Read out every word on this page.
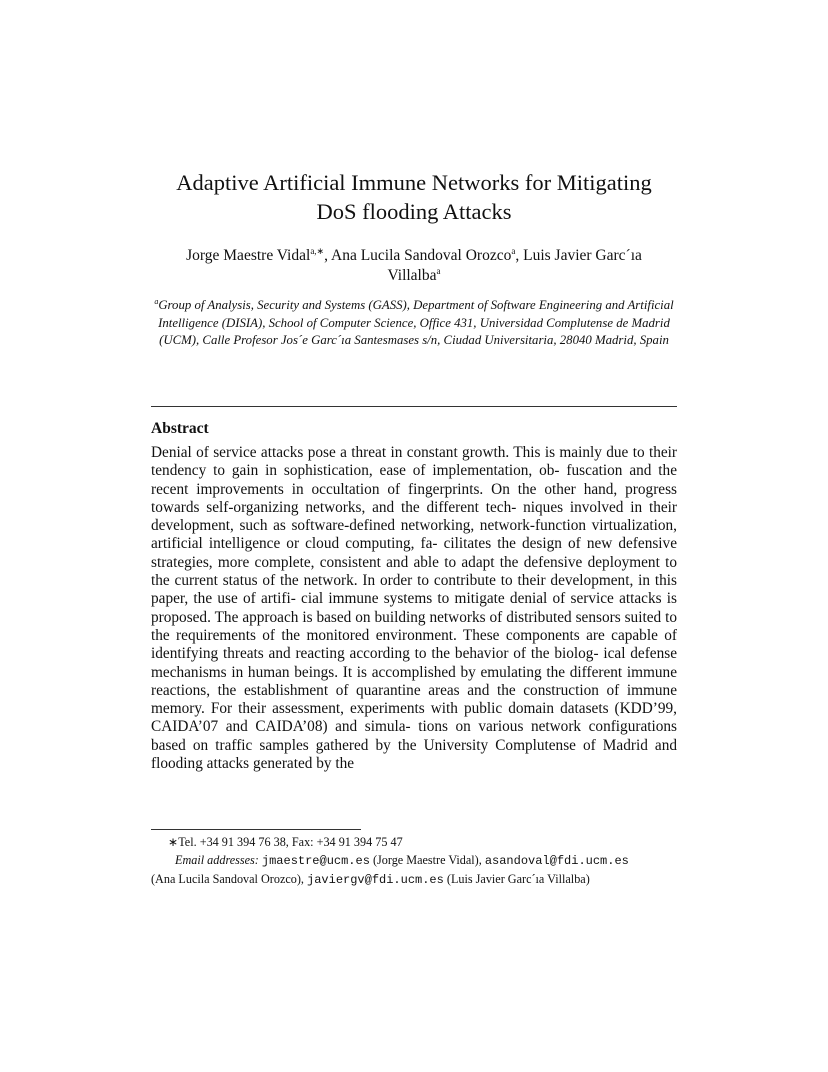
Adaptive Artificial Immune Networks for Mitigating
DoS flooding Attacks
Jorge Maestre Vidal$^{a,∗}$, Ana Lucila Sandoval Orozco$^a$, Luis Javier Garc´ıa
Villalba$^a$
$^a$Group of Analysis, Security and Systems (GASS), Department of Software Engineering and Artificial Intelligence (DISIA), School of Computer Science, Office 431, Universidad Complutense de Madrid (UCM), Calle Profesor Jos´e Garc´ıa Santesmases s/n, Ciudad Universitaria, 28040 Madrid, Spain
Abstract
Denial of service attacks pose a threat in constant growth. This is mainly due to their tendency to gain in sophistication, ease of implementation, ob- fuscation and the recent improvements in occultation of fingerprints. On the other hand, progress towards self-organizing networks, and the different tech- niques involved in their development, such as software-defined networking, network-function virtualization, artificial intelligence or cloud computing, fa- cilitates the design of new defensive strategies, more complete, consistent and able to adapt the defensive deployment to the current status of the network. In order to contribute to their development, in this paper, the use of artifi- cial immune systems to mitigate denial of service attacks is proposed. The approach is based on building networks of distributed sensors suited to the requirements of the monitored environment. These components are capable of identifying threats and reacting according to the behavior of the biolog- ical defense mechanisms in human beings. It is accomplished by emulating the different immune reactions, the establishment of quarantine areas and the construction of immune memory. For their assessment, experiments with public domain datasets (KDD’99, CAIDA’07 and CAIDA’08) and simula- tions on various network configurations based on traffic samples gathered by the University Complutense of Madrid and flooding attacks generated by the
∗Tel. +34 91 394 76 38, Fax: +34 91 394 75 47
Email addresses: jmaestre@ucm.es (Jorge Maestre Vidal), asandoval@fdi.ucm.es
(Ana Lucila Sandoval Orozco), javiergv@fdi.ucm.es (Luis Javier Garc´ıa Villalba)
